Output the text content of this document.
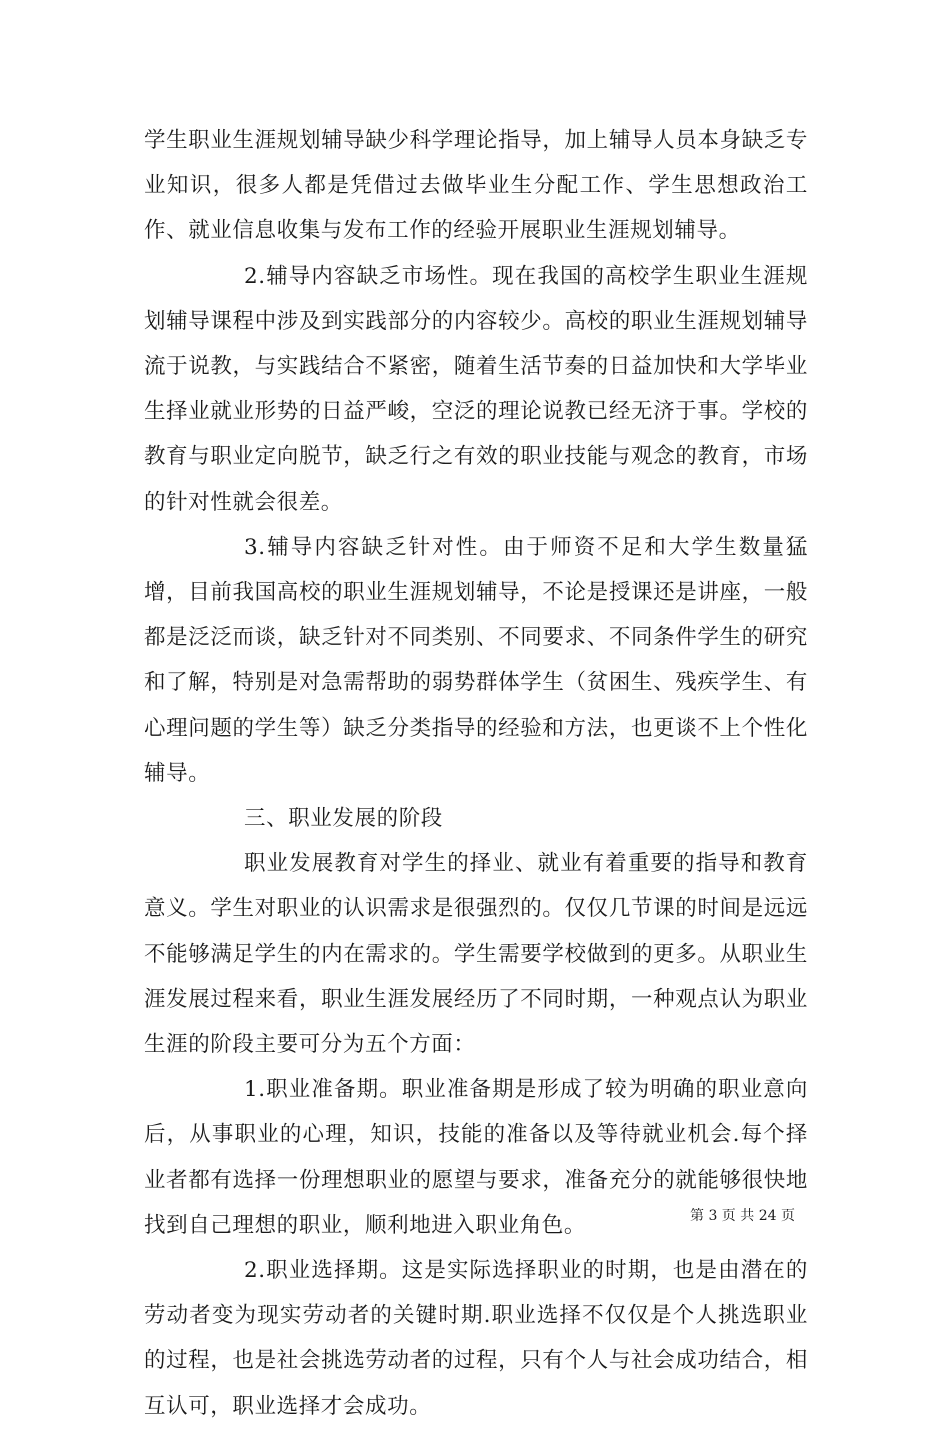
学生职业生涯规划辅导缺少科学理论指导，加上辅导人员本身缺乏专业知识，很多人都是凭借过去做毕业生分配工作、学生思想政治工作、就业信息收集与发布工作的经验开展职业生涯规划辅导。

2.辅导内容缺乏市场性。现在我国的高校学生职业生涯规划辅导课程中涉及到实践部分的内容较少。高校的职业生涯规划辅导流于说教，与实践结合不紧密，随着生活节奏的日益加快和大学毕业生择业就业形势的日益严峻，空泛的理论说教已经无济于事。学校的教育与职业定向脱节，缺乏行之有效的职业技能与观念的教育，市场的针对性就会很差。

3.辅导内容缺乏针对性。由于师资不足和大学生数量猛增，目前我国高校的职业生涯规划辅导，不论是授课还是讲座，一般都是泛泛而谈，缺乏针对不同类别、不同要求、不同条件学生的研究和了解，特别是对急需帮助的弱势群体学生（贫困生、残疾学生、有心理问题的学生等）缺乏分类指导的经验和方法，也更谈不上个性化辅导。

三、职业发展的阶段

职业发展教育对学生的择业、就业有着重要的指导和教育意义。学生对职业的认识需求是很强烈的。仅仅几节课的时间是远远不能够满足学生的内在需求的。学生需要学校做到的更多。从职业生涯发展过程来看，职业生涯发展经历了不同时期，一种观点认为职业生涯的阶段主要可分为五个方面：

1.职业准备期。职业准备期是形成了较为明确的职业意向后，从事职业的心理，知识，技能的准备以及等待就业机会.每个择业者都有选择一份理想职业的愿望与要求，准备充分的就能够很快地找到自己理想的职业，顺利地进入职业角色。

2.职业选择期。这是实际选择职业的时期，也是由潜在的劳动者变为现实劳动者的关键时期.职业选择不仅仅是个人挑选职业的过程，也是社会挑选劳动者的过程，只有个人与社会成功结合，相互认可，职业选择才会成功。

第 3 页 共 24 页
